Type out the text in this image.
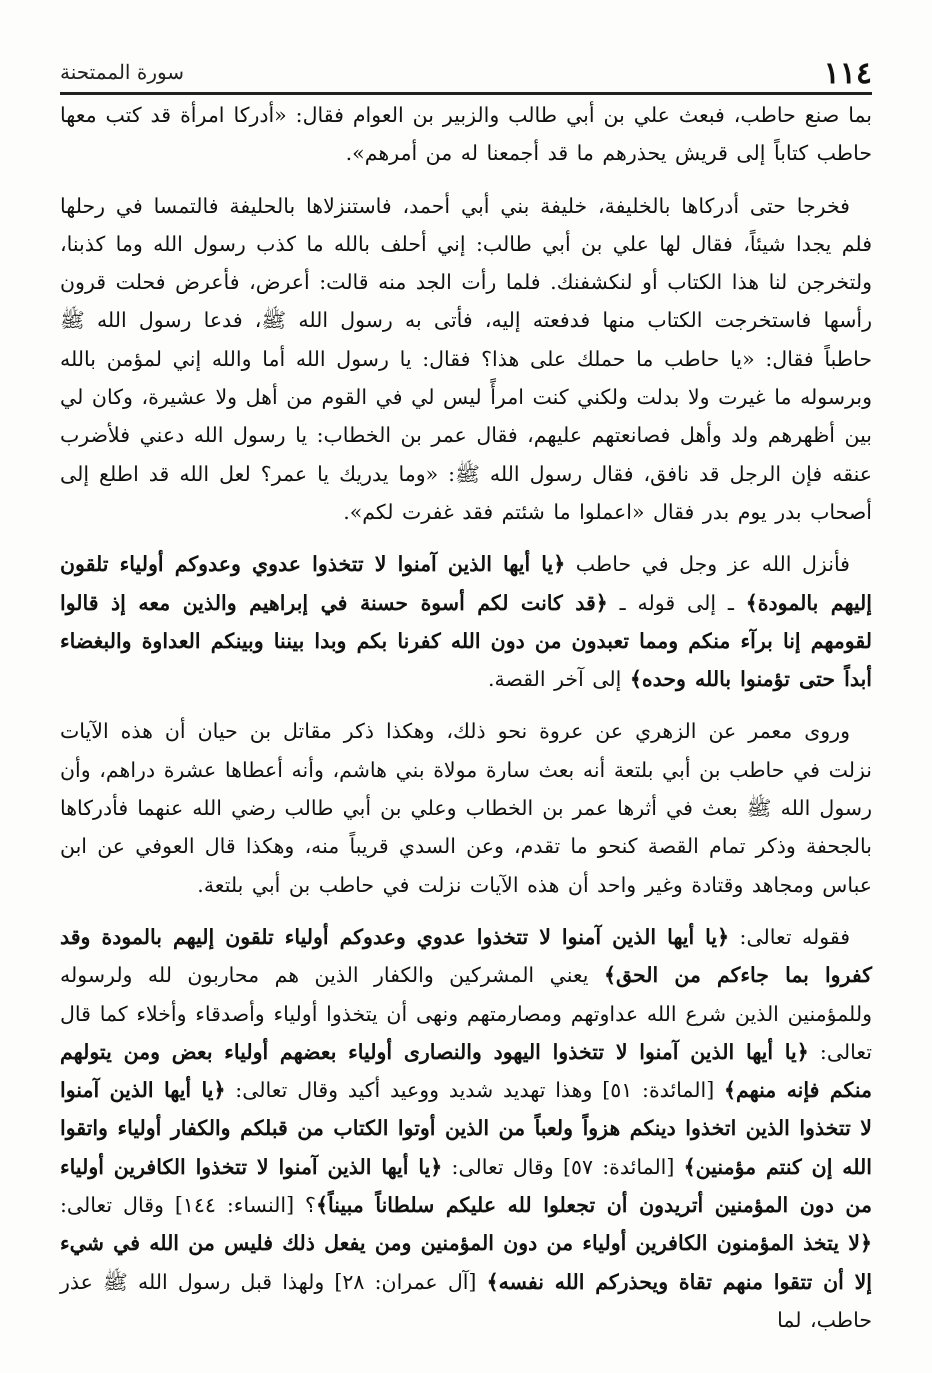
١١٤
سورة الممتحنة

بما صنع حاطب، فبعث علي بن أبي طالب والزبير بن العوام فقال: «أدركا امرأة قد كتب معها حاطب كتاباً إلى قريش يحذرهم ما قد أجمعنا له من أمرهم».

فخرجا حتى أدركاها بالخليفة، خليفة بني أبي أحمد، فاستنزلاها بالحليفة فالتمسا في رحلها فلم يجدا شيئاً، فقال لها علي بن أبي طالب: إني أحلف بالله ما كذب رسول الله وما كذبنا، ولتخرجن لنا هذا الكتاب أو لنكشفنك. فلما رأت الجد منه قالت: أعرض، فأعرض فحلت قرون رأسها فاستخرجت الكتاب منها فدفعته إليه، فأتى به رسول الله ﷺ، فدعا رسول الله ﷺ حاطباً فقال: «يا حاطب ما حملك على هذا؟ فقال: يا رسول الله أما والله إني لمؤمن بالله وبرسوله ما غيرت ولا بدلت ولكني كنت امرأً ليس لي في القوم من أهل ولا عشيرة، وكان لي بين أظهرهم ولد وأهل فصانعتهم عليهم، فقال عمر بن الخطاب: يا رسول الله دعني فلأضرب عنقه فإن الرجل قد نافق، فقال رسول الله ﷺ: «وما يدريك يا عمر؟ لعل الله قد اطلع إلى أصحاب بدر يوم بدر فقال «اعملوا ما شئتم فقد غفرت لكم».

فأنزل الله عز وجل في حاطب ﴿يا أيها الذين آمنوا لا تتخذوا عدوي وعدوكم أولياء تلقون إليهم بالمودة﴾ ـ إلى قوله ـ ﴿قد كانت لكم أسوة حسنة في إبراهيم والذين معه إذ قالوا لقومهم إنا برآء منكم ومما تعبدون من دون الله كفرنا بكم وبدا بيننا وبينكم العداوة والبغضاء أبداً حتى تؤمنوا بالله وحده﴾ إلى آخر القصة.

وروى معمر عن الزهري عن عروة نحو ذلك، وهكذا ذكر مقاتل بن حيان أن هذه الآيات نزلت في حاطب بن أبي بلتعة أنه بعث سارة مولاة بني هاشم، وأنه أعطاها عشرة دراهم، وأن رسول الله ﷺ بعث في أثرها عمر بن الخطاب وعلي بن أبي طالب رضي الله عنهما فأدركاها بالجحفة وذكر تمام القصة كنحو ما تقدم، وعن السدي قريباً منه، وهكذا قال العوفي عن ابن عباس ومجاهد وقتادة وغير واحد أن هذه الآيات نزلت في حاطب بن أبي بلتعة.

فقوله تعالى: ﴿يا أيها الذين آمنوا لا تتخذوا عدوي وعدوكم أولياء تلقون إليهم بالمودة وقد كفروا بما جاءكم من الحق﴾ يعني المشركين والكفار الذين هم محاربون لله ولرسوله وللمؤمنين الذين شرع الله عداوتهم ومصارمتهم ونهى أن يتخذوا أولياء وأصدقاء وأخلاء كما قال تعالى: ﴿يا أيها الذين آمنوا لا تتخذوا اليهود والنصارى أولياء بعضهم أولياء بعض ومن يتولهم منكم فإنه منهم﴾ [المائدة: ٥١] وهذا تهديد شديد ووعيد أكيد وقال تعالى: ﴿يا أيها الذين آمنوا لا تتخذوا الذين اتخذوا دينكم هزواً ولعباً من الذين أوتوا الكتاب من قبلكم والكفار أولياء واتقوا الله إن كنتم مؤمنين﴾ [المائدة: ٥٧] وقال تعالى: ﴿يا أيها الذين آمنوا لا تتخذوا الكافرين أولياء من دون المؤمنين أتريدون أن تجعلوا لله عليكم سلطاناً مبيناً﴾؟ [النساء: ١٤٤] وقال تعالى: ﴿لا يتخذ المؤمنون الكافرين أولياء من دون المؤمنين ومن يفعل ذلك فليس من الله في شيء إلا أن تتقوا منهم تقاة ويحذركم الله نفسه﴾ [آل عمران: ٢٨] ولهذا قبل رسول الله ﷺ عذر حاطب، لما
